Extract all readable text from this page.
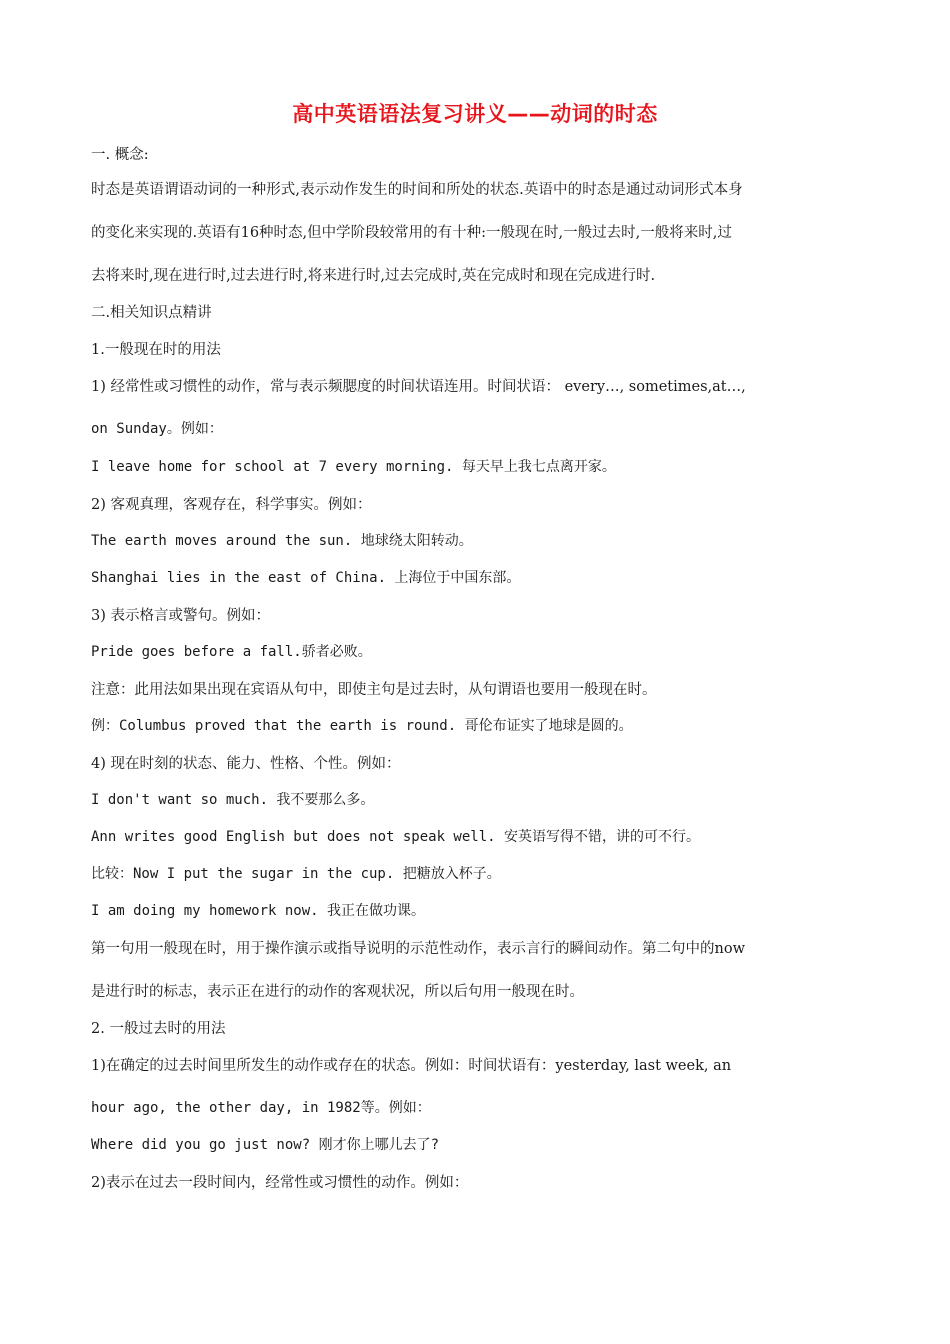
高中英语语法复习讲义——动词的时态
一. 概念:
时态是英语谓语动词的一种形式,表示动作发生的时间和所处的状态.英语中的时态是通过动词形式本身
的变化来实现的.英语有16种时态,但中学阶段较常用的有十种:一般现在时,一般过去时,一般将来时,过
去将来时,现在进行时,过去进行时,将来进行时,过去完成时,英在完成时和现在完成进行时.
二.相关知识点精讲
1.一般现在时的用法
1) 经常性或习惯性的动作，常与表示频腮度的时间状语连用。时间状语： every…, sometimes,at…,
on Sunday。例如：
I leave home for school at 7 every morning. 每天早上我七点离开家。
2) 客观真理，客观存在，科学事实。例如：
The earth moves around the sun. 地球绕太阳转动。
Shanghai lies in the east of China. 上海位于中国东部。
3) 表示格言或警句。例如：
Pride goes before a fall.骄者必败。
注意：此用法如果出现在宾语从句中，即使主句是过去时，从句谓语也要用一般现在时。
例：Columbus proved that the earth is round. 哥伦布证实了地球是圆的。
4) 现在时刻的状态、能力、性格、个性。例如：
I don't want so much. 我不要那么多。
Ann writes good English but does not speak well. 安英语写得不错，讲的可不行。
比较：Now I put the sugar in the cup. 把糖放入杯子。
I am doing my homework now. 我正在做功课。
第一句用一般现在时，用于操作演示或指导说明的示范性动作，表示言行的瞬间动作。第二句中的now
是进行时的标志，表示正在进行的动作的客观状况，所以后句用一般现在时。
2. 一般过去时的用法
1)在确定的过去时间里所发生的动作或存在的状态。例如：时间状语有：yesterday, last week, an
hour ago, the other day, in 1982等。例如：
Where did you go just now? 刚才你上哪儿去了?
2)表示在过去一段时间内，经常性或习惯性的动作。例如：
